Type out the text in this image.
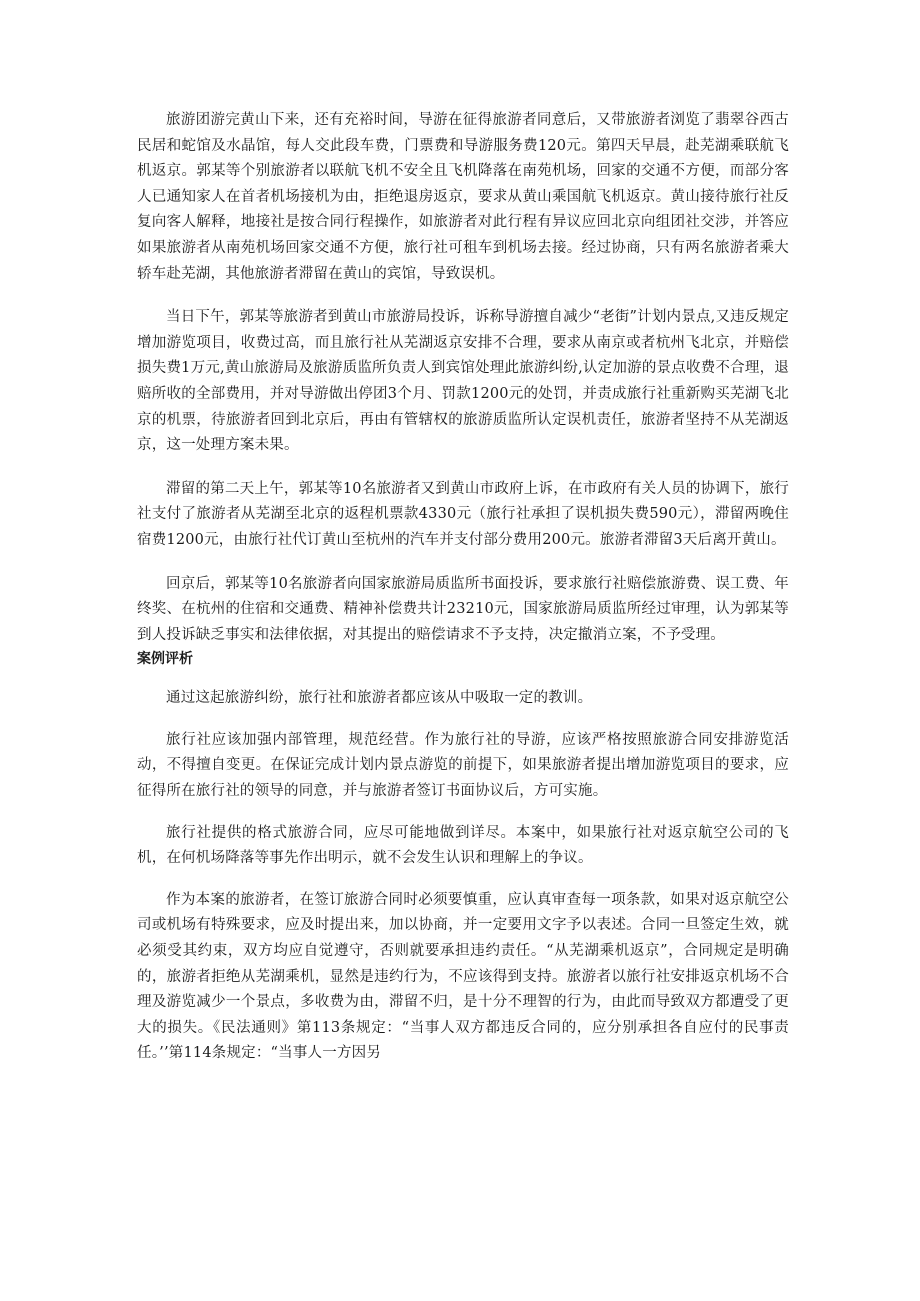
旅游团游完黄山下来，还有充裕时间，导游在征得旅游者同意后，又带旅游者浏览了翡翠谷西古民居和蛇馆及水晶馆，每人交此段车费，门票费和导游服务费120元。第四天早晨，赴芜湖乘联航飞机返京。郭某等个别旅游者以联航飞机不安全且飞机降落在南苑机场，回家的交通不方便，而部分客人已通知家人在首者机场接机为由，拒绝退房返京，要求从黄山乘国航飞机返京。黄山接待旅行社反复向客人解释，地接社是按合同行程操作，如旅游者对此行程有异议应回北京向组团社交涉，并答应如果旅游者从南苑机场回家交通不方便，旅行社可租车到机场去接。经过协商，只有两名旅游者乘大轿车赴芜湖，其他旅游者滞留在黄山的宾馆，导致误机。

当日下午，郭某等旅游者到黄山市旅游局投诉，诉称导游擅自减少“老街”计划内景点,又违反规定增加游览项目，收费过高，而且旅行社从芜湖返京安排不合理，要求从南京或者杭州飞北京，并赔偿损失费1万元,黄山旅游局及旅游质监所负责人到宾馆处理此旅游纠纷,认定加游的景点收费不合理，退赔所收的全部费用，并对导游做出停团3个月、罚款1200元的处罚，并责成旅行社重新购买芜湖飞北京的机票，待旅游者回到北京后，再由有管辖权的旅游质监所认定误机责任，旅游者坚持不从芜湖返京，这一处理方案未果。

滞留的第二天上午，郭某等10名旅游者又到黄山市政府上诉，在市政府有关人员的协调下，旅行社支付了旅游者从芜湖至北京的返程机票款4330元（旅行社承担了误机损失费590元），滞留两晚住宿费1200元，由旅行社代订黄山至杭州的汽车并支付部分费用200元。旅游者滞留3天后离开黄山。

回京后，郭某等10名旅游者向国家旅游局质监所书面投诉，要求旅行社赔偿旅游费、误工费、年终奖、在杭州的住宿和交通费、精神补偿费共计23210元，国家旅游局质监所经过审理，认为郭某等到人投诉缺乏事实和法律依据，对其提出的赔偿请求不予支持，决定撤消立案，不予受理。

案例评析

通过这起旅游纠纷，旅行社和旅游者都应该从中吸取一定的教训。

旅行社应该加强内部管理，规范经营。作为旅行社的导游，应该严格按照旅游合同安排游览活动，不得擅自变更。在保证完成计划内景点游览的前提下，如果旅游者提出增加游览项目的要求，应征得所在旅行社的领导的同意，并与旅游者签订书面协议后，方可实施。

旅行社提供的格式旅游合同，应尽可能地做到详尽。本案中，如果旅行社对返京航空公司的飞机，在何机场降落等事先作出明示，就不会发生认识和理解上的争议。

作为本案的旅游者，在签订旅游合同时必须要慎重，应认真审查每一项条款，如果对返京航空公司或机场有特殊要求，应及时提出来，加以协商，并一定要用文字予以表述。合同一旦签定生效，就必须受其约束，双方均应自觉遵守，否则就要承担违约责任。“从芜湖乘机返京”，合同规定是明确的，旅游者拒绝从芜湖乘机，显然是违约行为，不应该得到支持。旅游者以旅行社安排返京机场不合理及游览减少一个景点，多收费为由，滞留不归，是十分不理智的行为，由此而导致双方都遭受了更大的损失。《民法通则》第113条规定：“当事人双方都违反合同的，应分别承担各自应付的民事责任。’’第114条规定：“当事人一方因另
